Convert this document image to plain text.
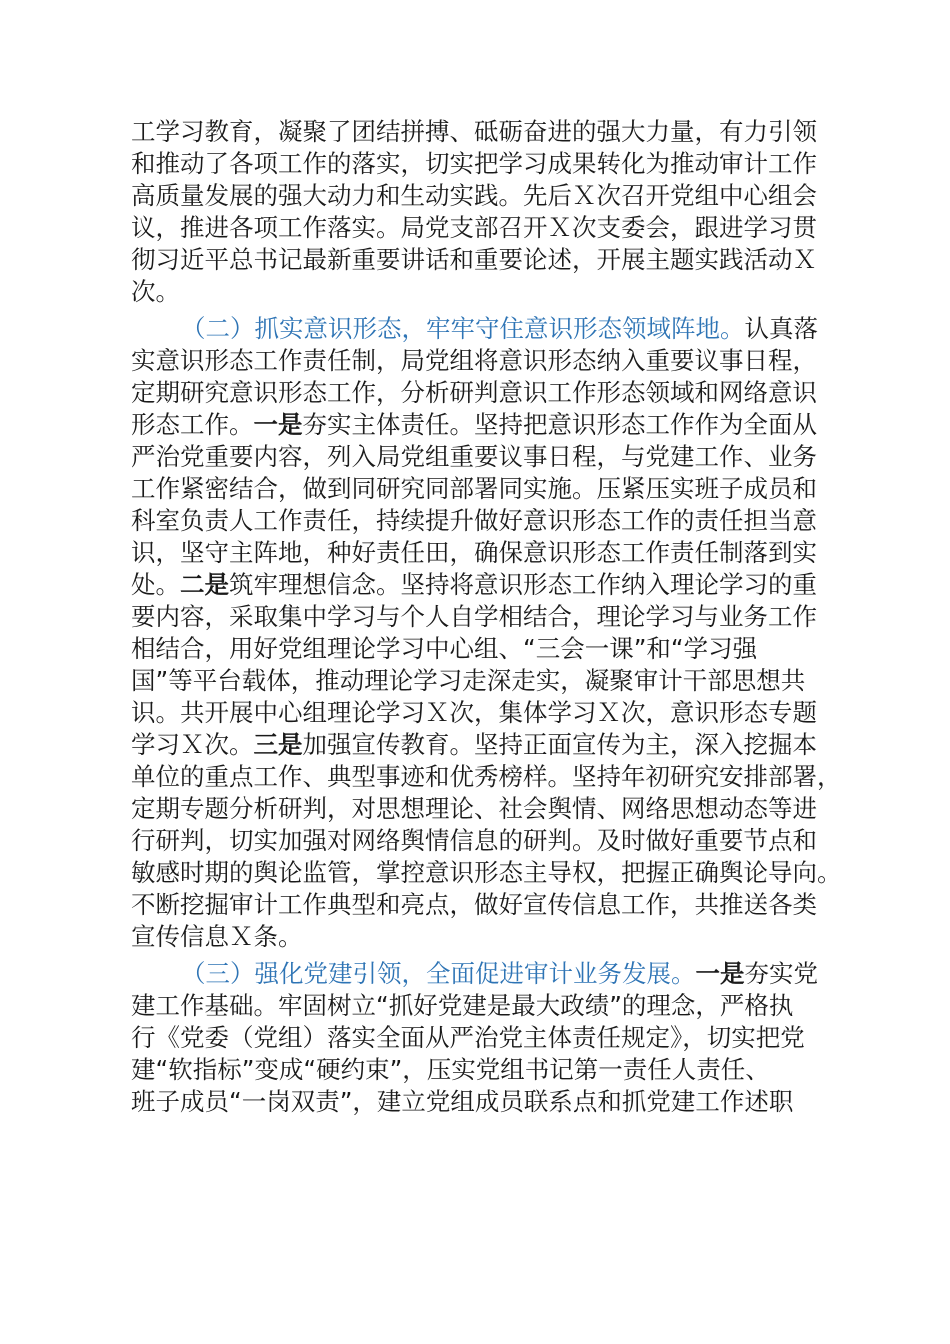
工学习教育，凝聚了团结拼搏、砥砺奋进的强大力量，有力引领
和推动了各项工作的落实，切实把学习成果转化为推动审计工作
高质量发展的强大动力和生动实践。先后Ｘ次召开党组中心组会
议，推进各项工作落实。局党支部召开Ｘ次支委会，跟进学习贯
彻习近平总书记最新重要讲话和重要论述，开展主题实践活动Ｘ
次。
（二）抓实意识形态，牢牢守住意识形态领域阵地。认真落
实意识形态工作责任制，局党组将意识形态纳入重要议事日程，
定期研究意识形态工作，分析研判意识工作形态领域和网络意识
形态工作。一是夯实主体责任。坚持把意识形态工作作为全面从
严治党重要内容，列入局党组重要议事日程，与党建工作、业务
工作紧密结合，做到同研究同部署同实施。压紧压实班子成员和
科室负责人工作责任，持续提升做好意识形态工作的责任担当意
识，坚守主阵地，种好责任田，确保意识形态工作责任制落到实
处。二是筑牢理想信念。坚持将意识形态工作纳入理论学习的重
要内容，采取集中学习与个人自学相结合，理论学习与业务工作
相结合，用好党组理论学习中心组、“三会一课”和“学习强
国”等平台载体，推动理论学习走深走实，凝聚审计干部思想共
识。共开展中心组理论学习Ｘ次，集体学习Ｘ次，意识形态专题
学习Ｘ次。三是加强宣传教育。坚持正面宣传为主，深入挖掘本
单位的重点工作、典型事迹和优秀榜样。坚持年初研究安排部署，
定期专题分析研判，对思想理论、社会舆情、网络思想动态等进
行研判，切实加强对网络舆情信息的研判。及时做好重要节点和
敏感时期的舆论监管，掌控意识形态主导权，把握正确舆论导向。
不断挖掘审计工作典型和亮点，做好宣传信息工作，共推送各类
宣传信息Ｘ条。
（三）强化党建引领，全面促进审计业务发展。一是夯实党
建工作基础。牢固树立“抓好党建是最大政绩”的理念，严格执
行《党委（党组）落实全面从严治党主体责任规定》，切实把党
建“软指标”变成“硬约束”，压实党组书记第一责任人责任、
班子成员“一岗双责”，建立党组成员联系点和抓党建工作述职
